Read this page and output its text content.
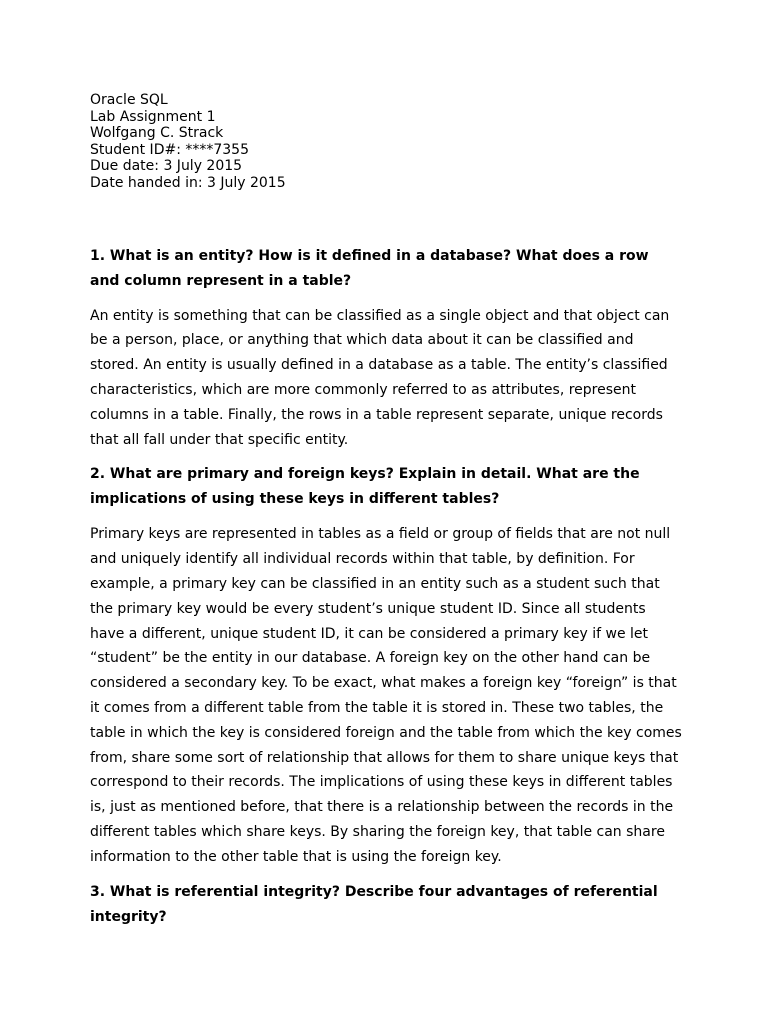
Oracle SQL

Lab Assignment 1

Wolfgang C. Strack

Student ID#: ****7355

Due date: 3 July 2015

Date handed in: 3 July 2015

1. What is an entity? How is it defined in a database? What does a row and column represent in a table?

An entity is something that can be classified as a single object and that object can be a person, place, or anything that which data about it can be classified and stored. An entity is usually defined in a database as a table. The entity’s classified characteristics, which are more commonly referred to as attributes, represent columns in a table. Finally, the rows in a table represent separate, unique records that all fall under that specific entity.

2. What are primary and foreign keys? Explain in detail. What are the implications of using these keys in different tables?

Primary keys are represented in tables as a field or group of fields that are not null and uniquely identify all individual records within that table, by definition. For example, a primary key can be classified in an entity such as a student such that the primary key would be every student’s unique student ID. Since all students have a different, unique student ID, it can be considered a primary key if we let “student” be the entity in our database. A foreign key on the other hand can be considered a secondary key. To be exact, what makes a foreign key “foreign” is that it comes from a different table from the table it is stored in. These two tables, the table in which the key is considered foreign and the table from which the key comes from, share some sort of relationship that allows for them to share unique keys that correspond to their records. The implications of using these keys in different tables is, just as mentioned before, that there is a relationship between the records in the different tables which share keys. By sharing the foreign key, that table can share information to the other table that is using the foreign key.

3. What is referential integrity? Describe four advantages of referential integrity?
